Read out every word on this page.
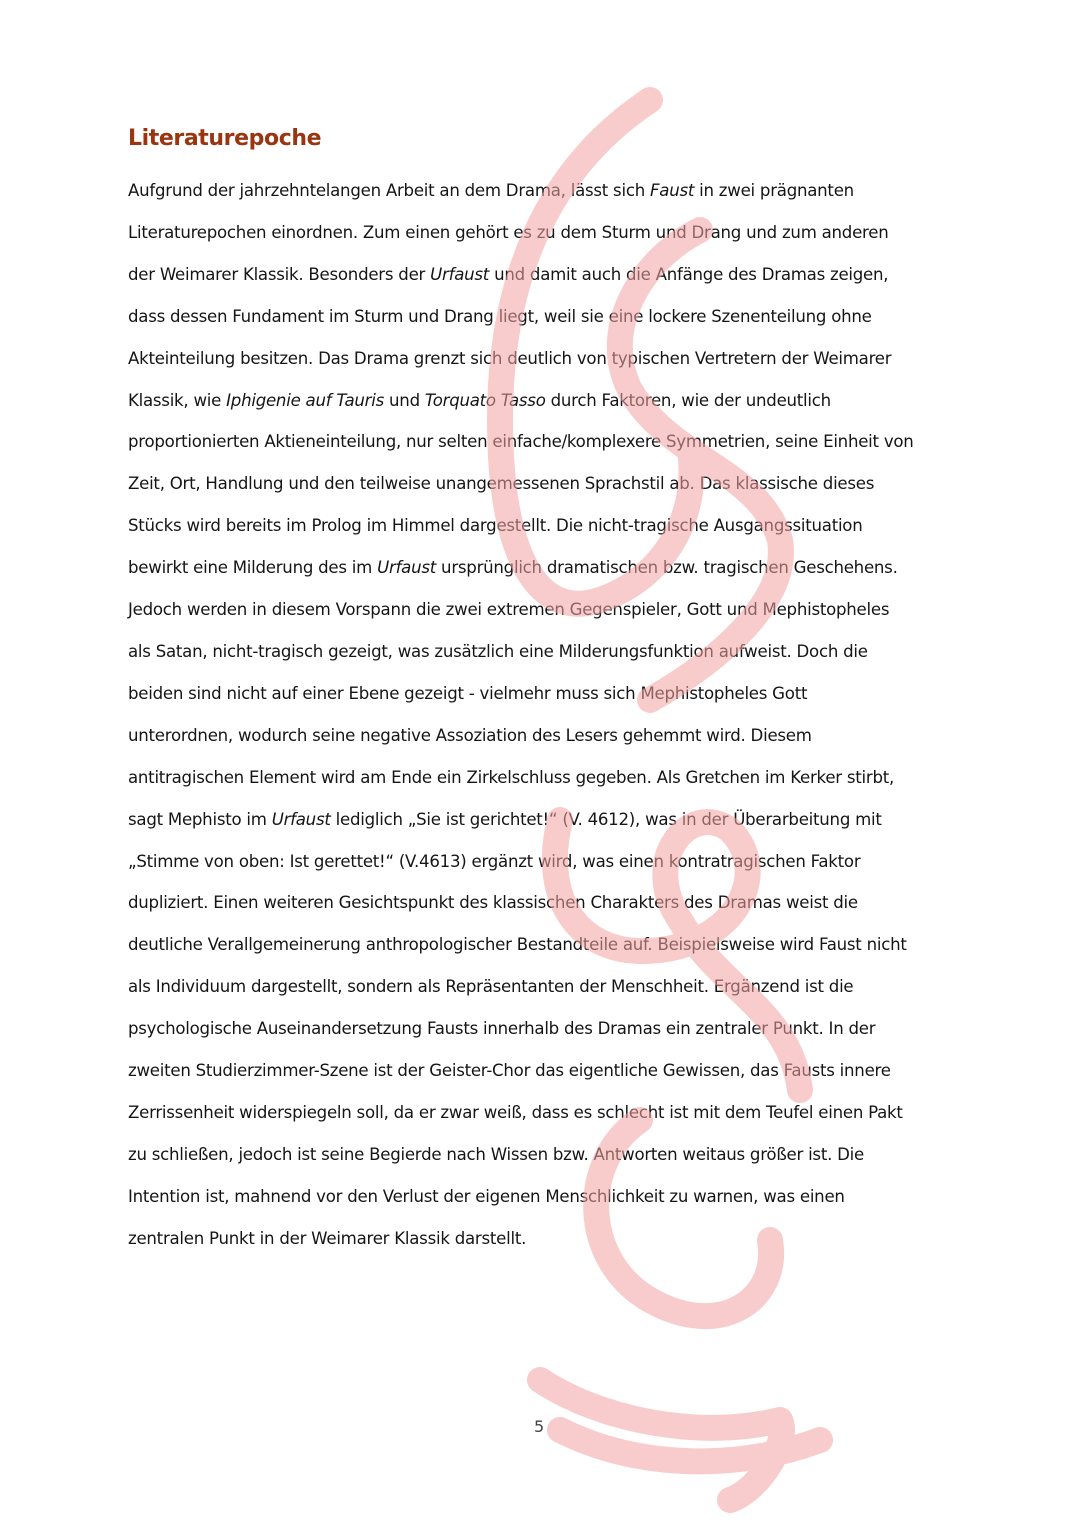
Literaturepoche
Aufgrund der jahrzehntelangen Arbeit an dem Drama, lässt sich Faust in zwei prägnanten
Literaturepochen einordnen. Zum einen gehört es zu dem Sturm und Drang und zum anderen
der Weimarer Klassik. Besonders der Urfaust und damit auch die Anfänge des Dramas zeigen,
dass dessen Fundament im Sturm und Drang liegt, weil sie eine lockere Szenenteilung ohne
Akteinteilung besitzen. Das Drama grenzt sich deutlich von typischen Vertretern der Weimarer
Klassik, wie Iphigenie auf Tauris und Torquato Tasso durch Faktoren, wie der undeutlich
proportionierten Aktieneinteilung, nur selten einfache/komplexere Symmetrien, seine Einheit von
Zeit, Ort, Handlung und den teilweise unangemessenen Sprachstil ab. Das klassische dieses
Stücks wird bereits im Prolog im Himmel dargestellt. Die nicht-tragische Ausgangssituation
bewirkt eine Milderung des im Urfaust ursprünglich dramatischen bzw. tragischen Geschehens.
Jedoch werden in diesem Vorspann die zwei extremen Gegenspieler, Gott und Mephistopheles
als Satan, nicht-tragisch gezeigt, was zusätzlich eine Milderungsfunktion aufweist. Doch die
beiden sind nicht auf einer Ebene gezeigt - vielmehr muss sich Mephistopheles Gott
unterordnen, wodurch seine negative Assoziation des Lesers gehemmt wird. Diesem
antitragischen Element wird am Ende ein Zirkelschluss gegeben. Als Gretchen im Kerker stirbt,
sagt Mephisto im Urfaust lediglich „Sie ist gerichtet!“ (V. 4612), was in der Überarbeitung mit
„Stimme von oben: Ist gerettet!“ (V.4613) ergänzt wird, was einen kontratragischen Faktor
dupliziert. Einen weiteren Gesichtspunkt des klassischen Charakters des Dramas weist die
deutliche Verallgemeinerung anthropologischer Bestandteile auf. Beispielsweise wird Faust nicht
als Individuum dargestellt, sondern als Repräsentanten der Menschheit. Ergänzend ist die
psychologische Auseinandersetzung Fausts innerhalb des Dramas ein zentraler Punkt. In der
zweiten Studierzimmer-Szene ist der Geister-Chor das eigentliche Gewissen, das Fausts innere
Zerrissenheit widerspiegeln soll, da er zwar weiß, dass es schlecht ist mit dem Teufel einen Pakt
zu schließen, jedoch ist seine Begierde nach Wissen bzw. Antworten weitaus größer ist. Die
Intention ist, mahnend vor den Verlust der eigenen Menschlichkeit zu warnen, was einen
zentralen Punkt in der Weimarer Klassik darstellt.
5
